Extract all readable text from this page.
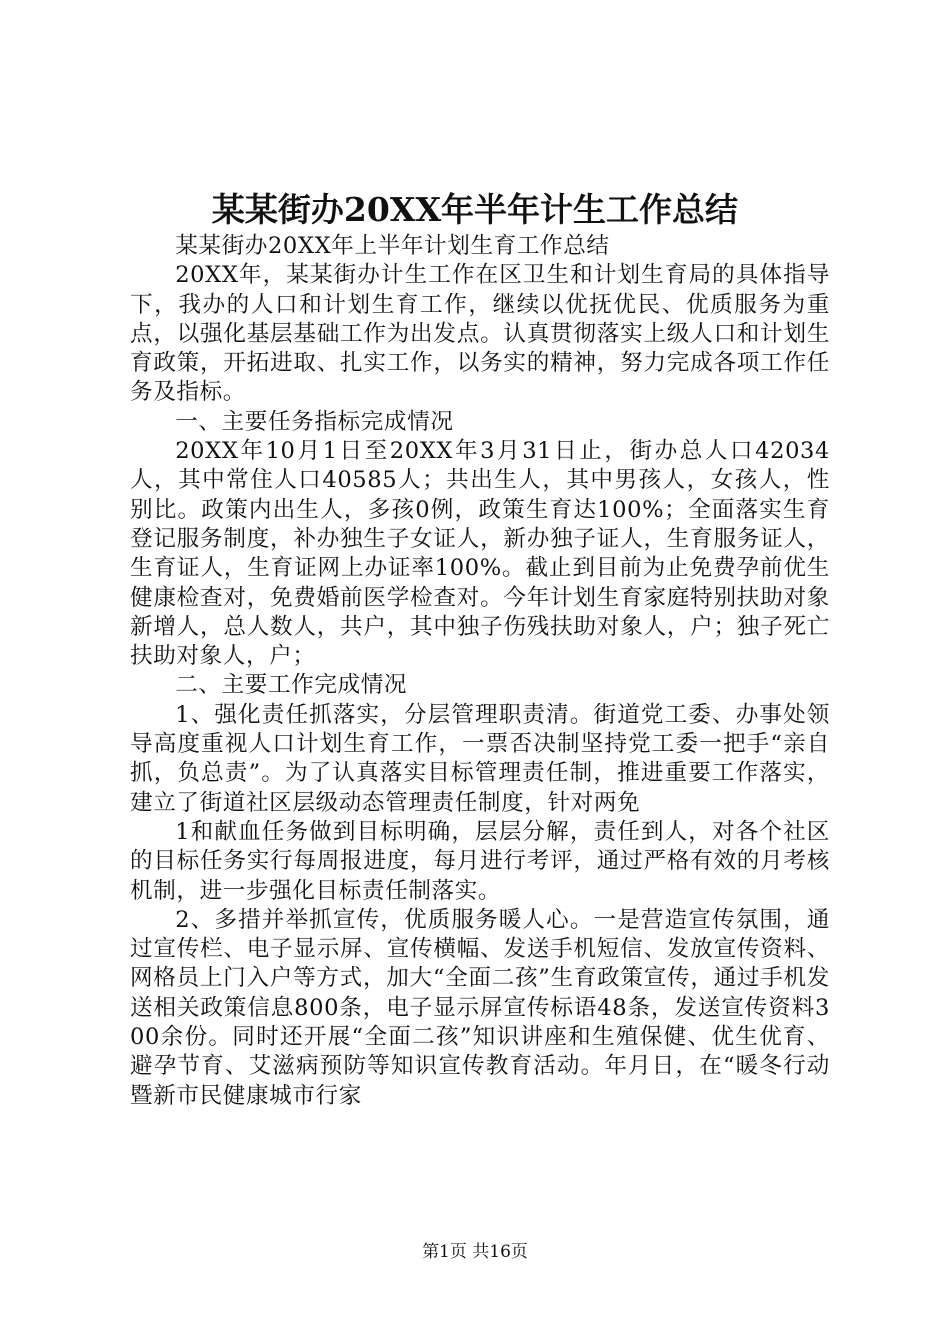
某某街办20XX年半年计生工作总结

某某街办20XX年上半年计划生育工作总结

20XX年，某某街办计生工作在区卫生和计划生育局的具体指导下，我办的人口和计划生育工作，继续以优抚优民、优质服务为重点，以强化基层基础工作为出发点。认真贯彻落实上级人口和计划生育政策，开拓进取、扎实工作，以务实的精神，努力完成各项工作任务及指标。

一、主要任务指标完成情况

20XX年10月1日至20XX年3月31日止，街办总人口42034人，其中常住人口40585人；共出生人，其中男孩人，女孩人，性别比。政策内出生人，多孩0例，政策生育达100%；全面落实生育登记服务制度，补办独生子女证人，新办独子证人，生育服务证人，生育证人，生育证网上办证率100%。截止到目前为止免费孕前优生健康检查对，免费婚前医学检查对。今年计划生育家庭特别扶助对象新增人，总人数人，共户，其中独子伤残扶助对象人，户；独子死亡扶助对象人，户；

二、主要工作完成情况

1、强化责任抓落实，分层管理职责清。街道党工委、办事处领导高度重视人口计划生育工作，一票否决制坚持党工委一把手“亲自抓，负总责”。为了认真落实目标管理责任制，推进重要工作落实，建立了街道社区层级动态管理责任制度，针对两免

1和献血任务做到目标明确，层层分解，责任到人，对各个社区的目标任务实行每周报进度，每月进行考评，通过严格有效的月考核机制，进一步强化目标责任制落实。

2、多措并举抓宣传，优质服务暖人心。一是营造宣传氛围，通过宣传栏、电子显示屏、宣传横幅、发送手机短信、发放宣传资料、网格员上门入户等方式，加大“全面二孩”生育政策宣传，通过手机发送相关政策信息800条，电子显示屏宣传标语48条，发送宣传资料300余份。同时还开展“全面二孩”知识讲座和生殖保健、优生优育、避孕节育、艾滋病预防等知识宣传教育活动。年月日，在“暖冬行动暨新市民健康城市行家

第1页 共16页
